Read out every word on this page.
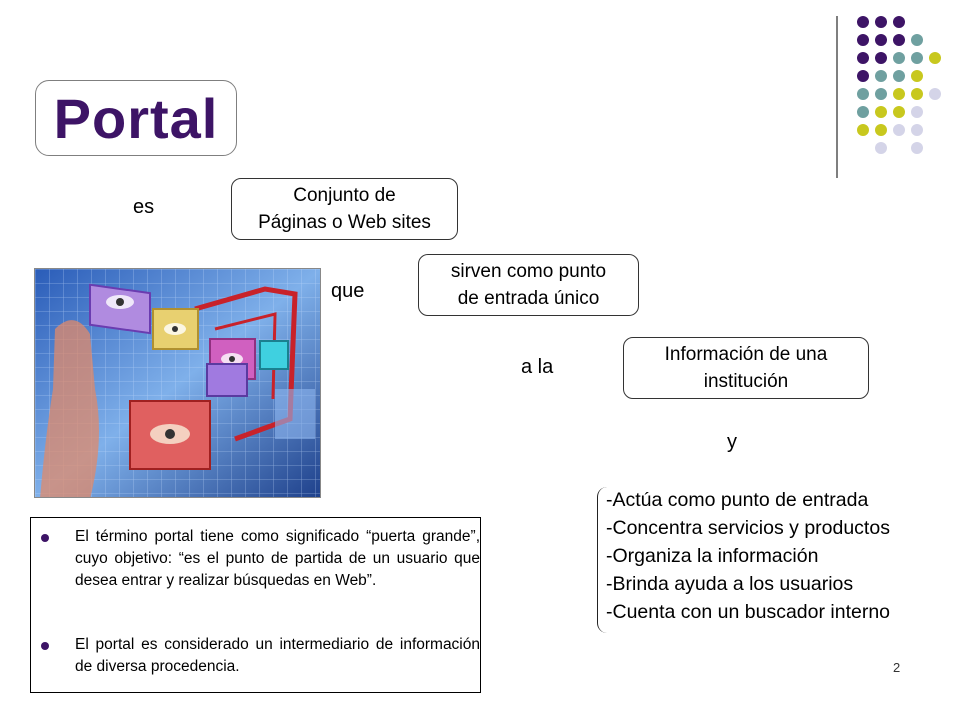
Portal
es
que
a la
y
Conjunto de
Páginas o Web sites
sirven como punto
de entrada único
Información de una
institución
El término portal tiene como significado “puerta grande”, cuyo objetivo: “es el punto de partida de un usuario que desea entrar y realizar búsquedas en Web”.
El portal es considerado un intermediario de información de diversa procedencia.
-Actúa como punto de entrada
-Concentra servicios y productos
-Organiza la información
-Brinda ayuda a los usuarios
-Cuenta con un buscador interno
2
